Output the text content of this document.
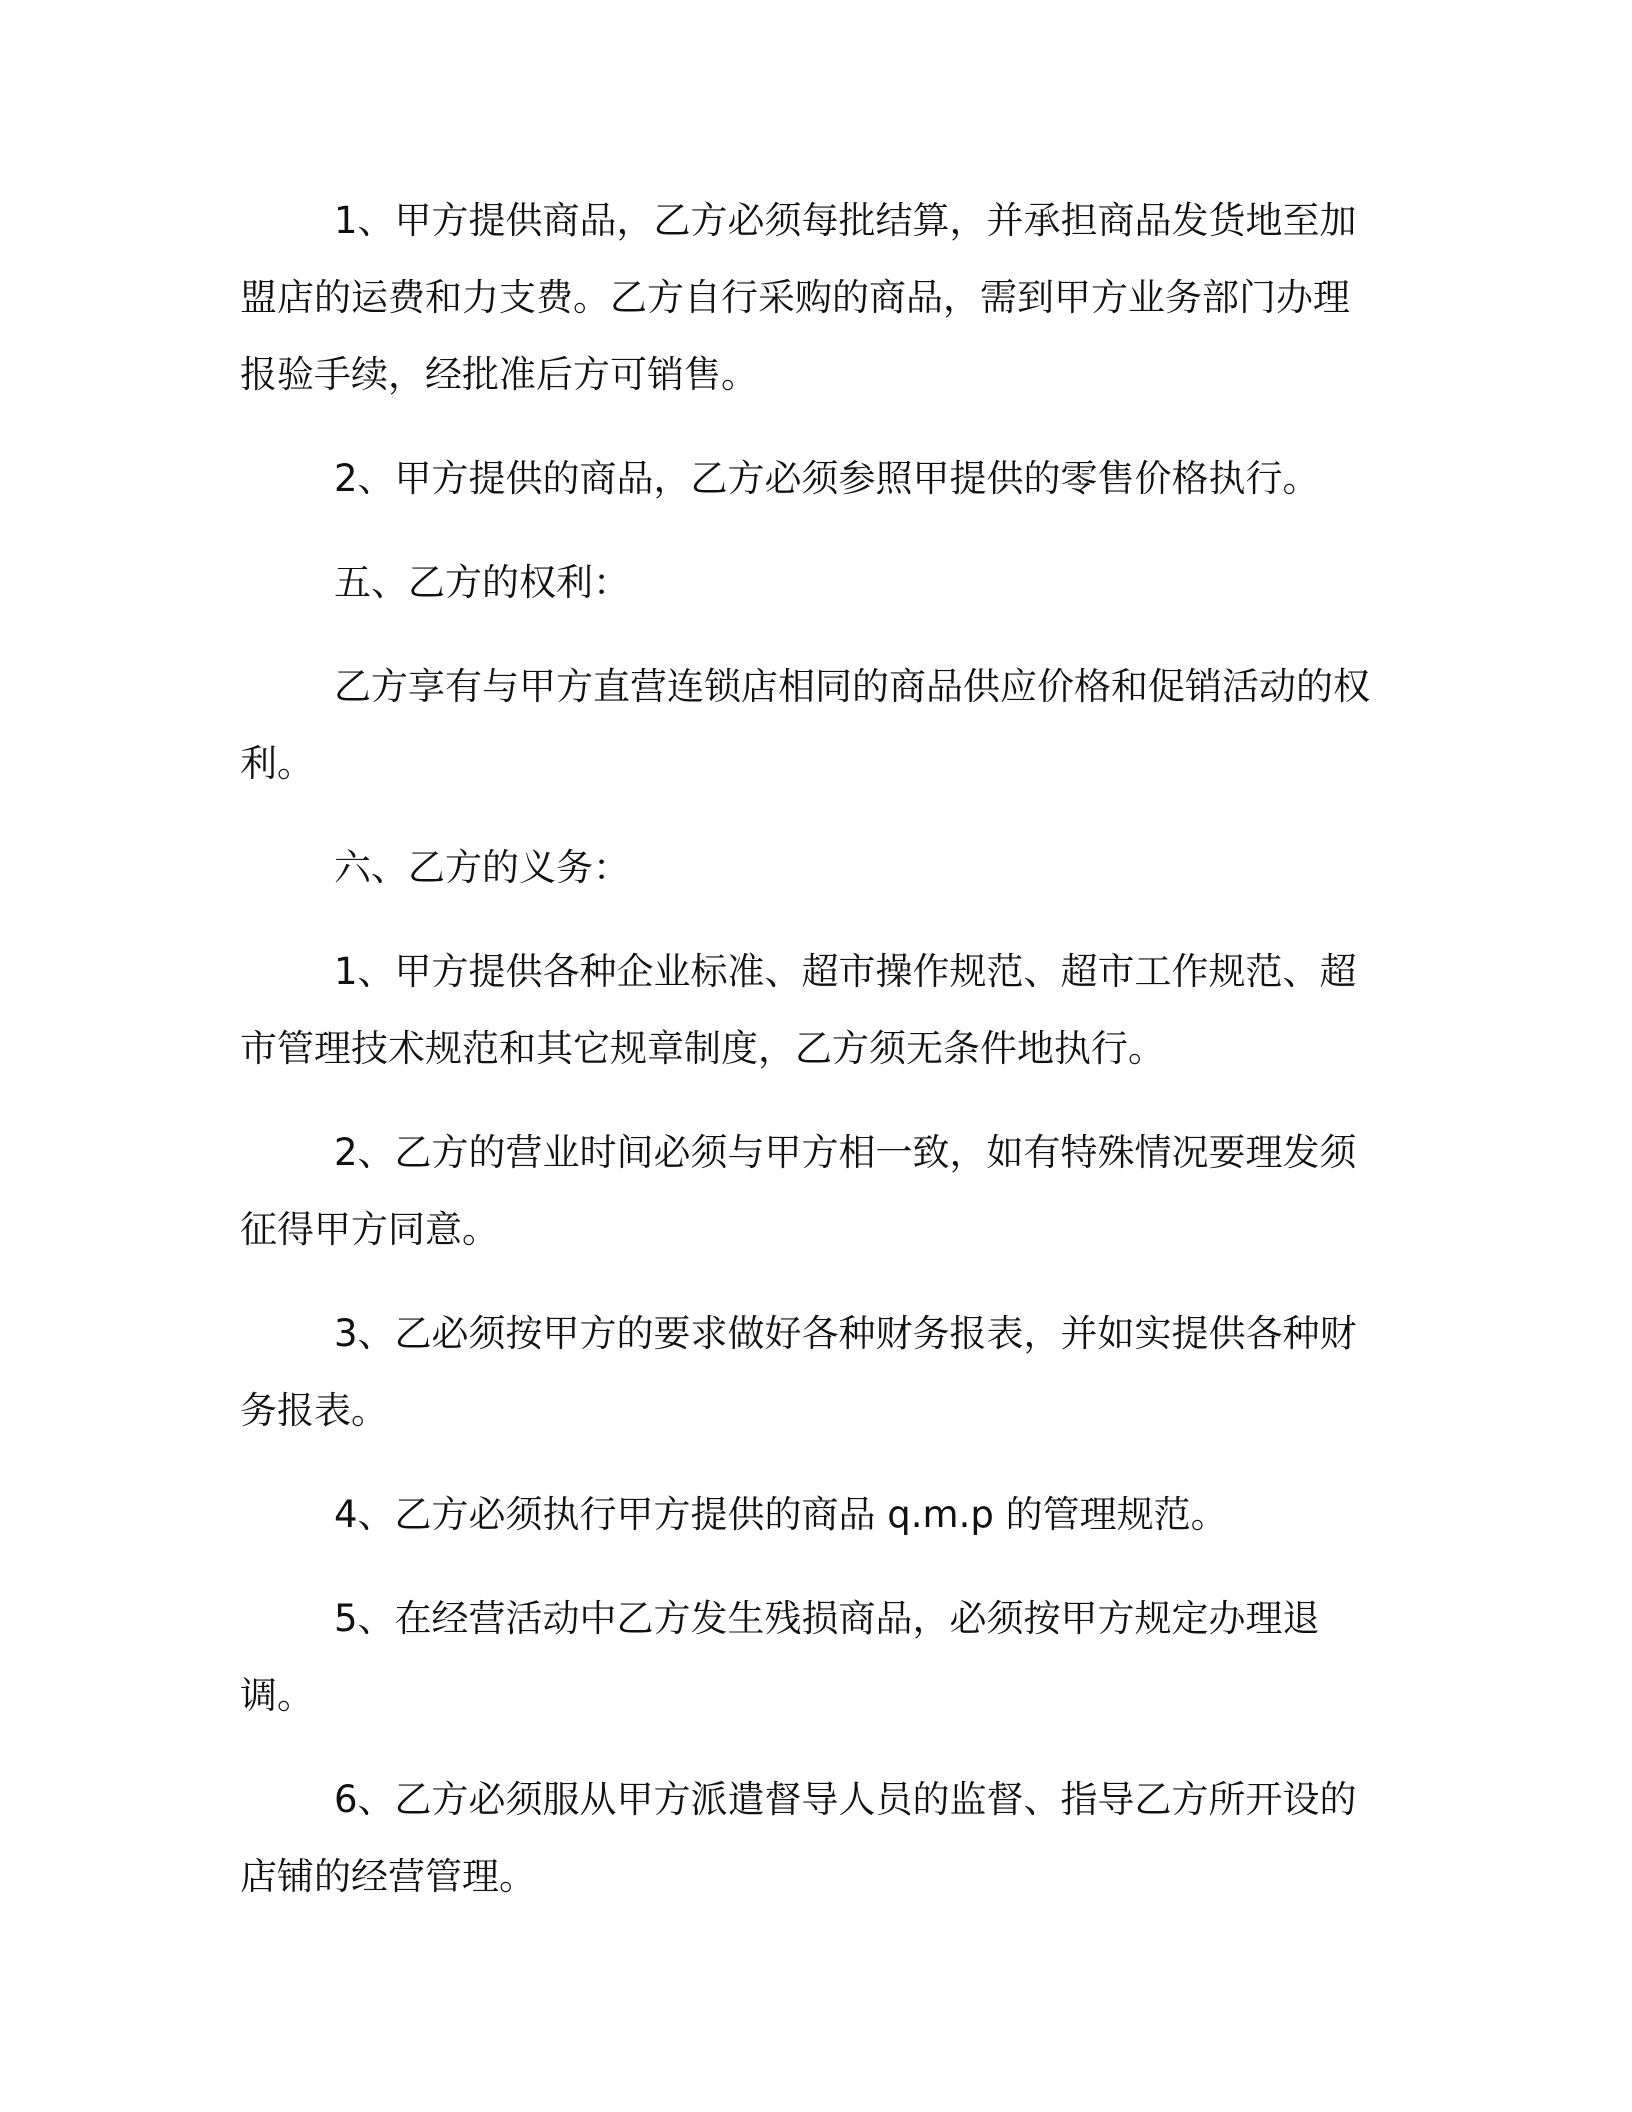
1、甲方提供商品，乙方必须每批结算，并承担商品发货地至加
盟店的运费和力支费。乙方自行采购的商品，需到甲方业务部门办理
报验手续，经批准后方可销售。

2、甲方提供的商品，乙方必须参照甲提供的零售价格执行。

五、乙方的权利：

乙方享有与甲方直营连锁店相同的商品供应价格和促销活动的权
利。

六、乙方的义务：

1、甲方提供各种企业标准、超市操作规范、超市工作规范、超
市管理技术规范和其它规章制度，乙方须无条件地执行。

2、乙方的营业时间必须与甲方相一致，如有特殊情况要理发须
征得甲方同意。

3、乙必须按甲方的要求做好各种财务报表，并如实提供各种财
务报表。

4、乙方必须执行甲方提供的商品 q.m.p 的管理规范。

5、在经营活动中乙方发生残损商品，必须按甲方规定办理退调。

6、乙方必须服从甲方派遣督导人员的监督、指导乙方所开设的
店铺的经营管理。
